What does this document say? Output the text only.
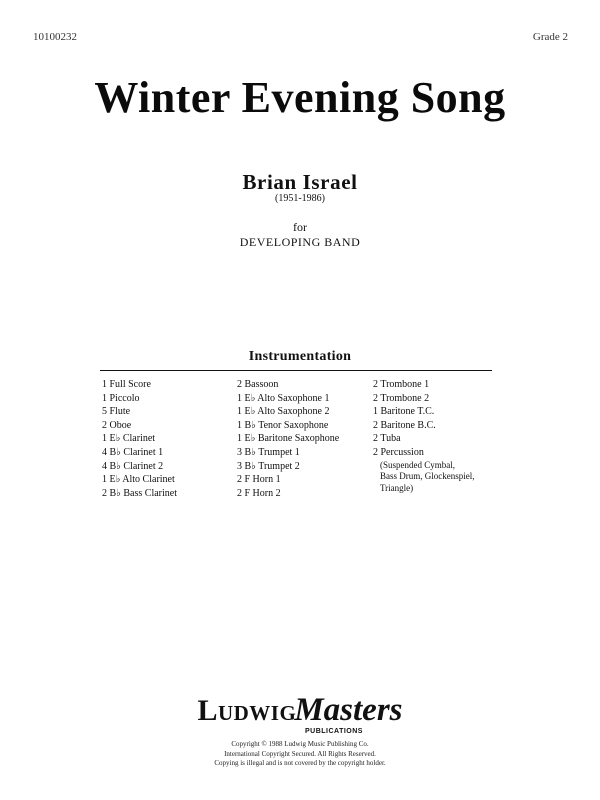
10100232	Grade 2
Winter Evening Song
Brian Israel
(1951-1986)
for
DEVELOPING BAND
Instrumentation
1 Full Score
1 Piccolo
5 Flute
2 Oboe
1 E♭ Clarinet
4 B♭ Clarinet 1
4 B♭ Clarinet 2
1 E♭ Alto Clarinet
2 B♭ Bass Clarinet
2 Bassoon
1 E♭ Alto Saxophone 1
1 E♭ Alto Saxophone 2
1 B♭ Tenor Saxophone
1 E♭ Baritone Saxophone
3 B♭ Trumpet 1
3 B♭ Trumpet 2
2 F Horn 1
2 F Horn 2
2 Trombone 1
2 Trombone 2
1 Baritone T.C.
2 Baritone B.C.
2 Tuba
2 Percussion
(Suspended Cymbal,
Bass Drum, Glockenspiel,
Triangle)
LudwigMasters
PUBLICATIONS
Copyright © 1988 Ludwig Music Publishing Co.
International Copyright Secured. All Rights Reserved.
Copying is illegal and is not covered by the copyright holder.
